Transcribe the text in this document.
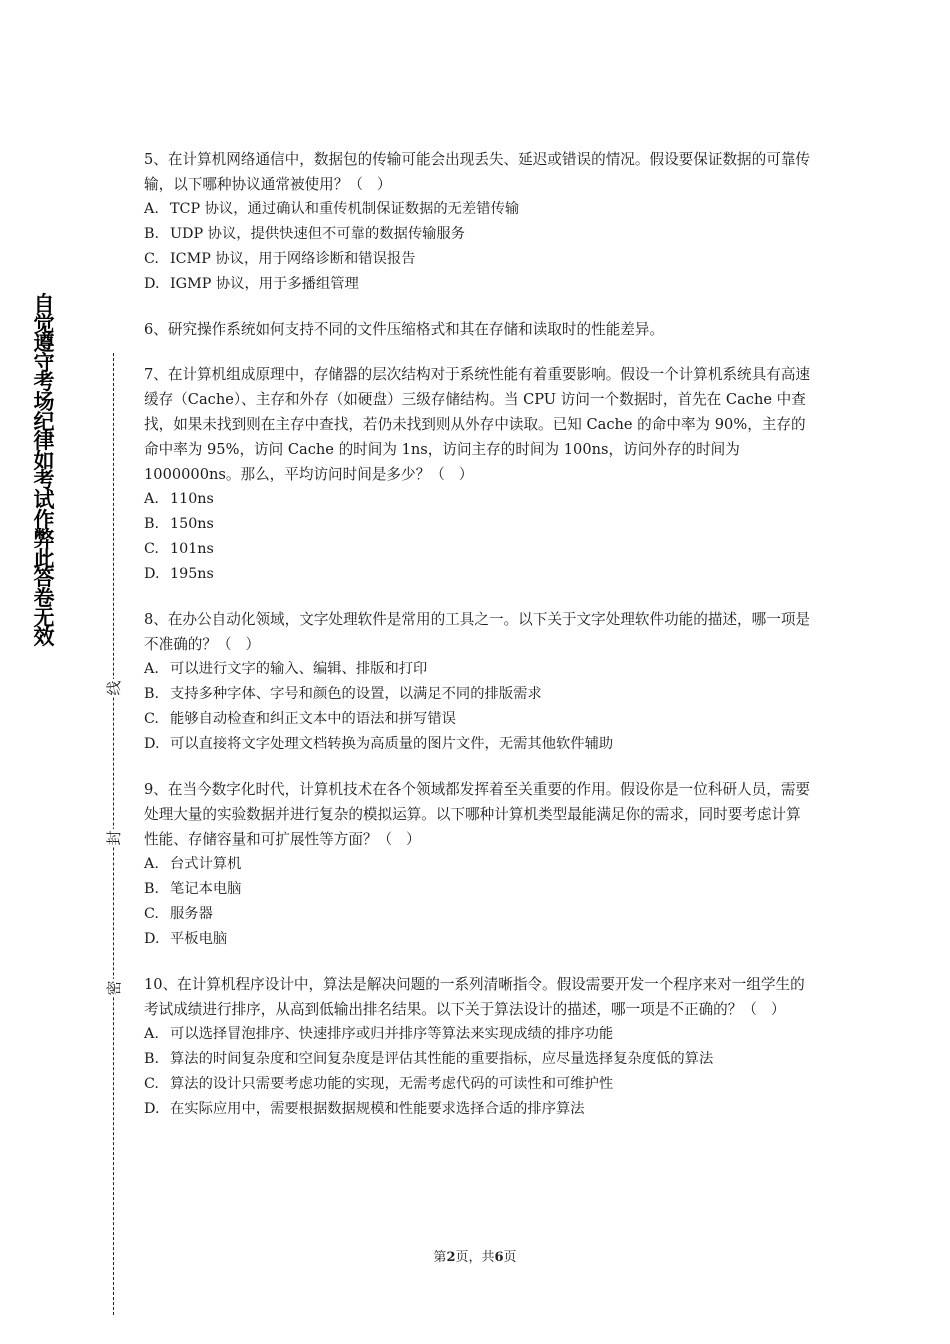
自
觉
遵
守
考
场
纪
律
如
考
试
作
弊
此
答
卷
无
效
线
封
密

5、在计算机网络通信中，数据包的传输可能会出现丢失、延迟或错误的情况。假设要保证数据的可靠传输，以下哪种协议通常被使用？（   ）

A. TCP 协议，通过确认和重传机制保证数据的无差错传输
B. UDP 协议，提供快速但不可靠的数据传输服务
C. ICMP 协议，用于网络诊断和错误报告
D. IGMP 协议，用于多播组管理

6、研究操作系统如何支持不同的文件压缩格式和其在存储和读取时的性能差异。

7、在计算机组成原理中，存储器的层次结构对于系统性能有着重要影响。假设一个计算机系统具有高速缓存（Cache）、主存和外存（如硬盘）三级存储结构。当 CPU 访问一个数据时，首先在 Cache 中查找，如果未找到则在主存中查找，若仍未找到则从外存中读取。已知 Cache 的命中率为 90%，主存的命中率为 95%，访问 Cache 的时间为 1ns，访问主存的时间为 100ns，访问外存的时间为 1000000ns。那么，平均访问时间是多少？（   ）

A. 110ns
B. 150ns
C. 101ns
D. 195ns

8、在办公自动化领域，文字处理软件是常用的工具之一。以下关于文字处理软件功能的描述，哪一项是不准确的？（   ）

A. 可以进行文字的输入、编辑、排版和打印
B. 支持多种字体、字号和颜色的设置，以满足不同的排版需求
C. 能够自动检查和纠正文本中的语法和拼写错误
D. 可以直接将文字处理文档转换为高质量的图片文件，无需其他软件辅助

9、在当今数字化时代，计算机技术在各个领域都发挥着至关重要的作用。假设你是一位科研人员，需要处理大量的实验数据并进行复杂的模拟运算。以下哪种计算机类型最能满足你的需求，同时要考虑计算性能、存储容量和可扩展性等方面？（   ）

A. 台式计算机
B. 笔记本电脑
C. 服务器
D. 平板电脑

10、在计算机程序设计中，算法是解决问题的一系列清晰指令。假设需要开发一个程序来对一组学生的考试成绩进行排序，从高到低输出排名结果。以下关于算法设计的描述，哪一项是不正确的？（   ）

A. 可以选择冒泡排序、快速排序或归并排序等算法来实现成绩的排序功能
B. 算法的时间复杂度和空间复杂度是评估其性能的重要指标，应尽量选择复杂度低的算法
C. 算法的设计只需要考虑功能的实现，无需考虑代码的可读性和可维护性
D. 在实际应用中，需要根据数据规模和性能要求选择合适的排序算法
第2页，共6页
